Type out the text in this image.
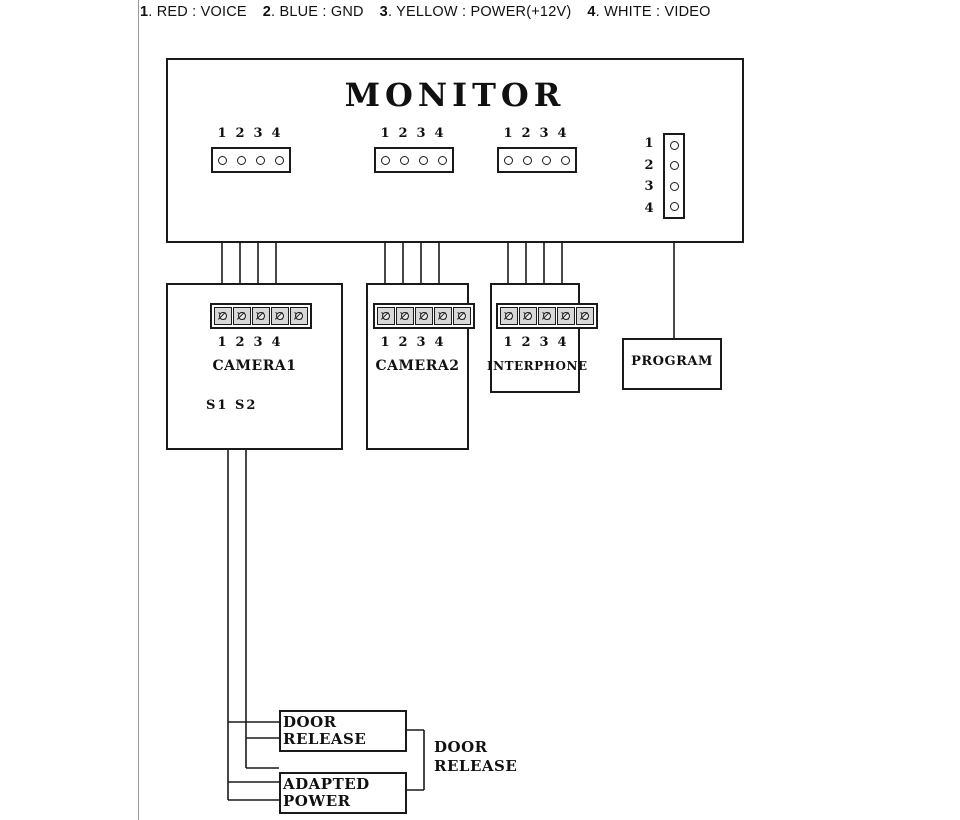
1. RED : VOICE 2. BLUE : GND 3. YELLOW : POWER(+12V) 4. WHITE : VIDEO
MONITOR
1 2 3 4	1 2 3 4	1 2 3 4
1
2
3
4
1 2 3 4
CAMERA1
S1 S2
1 2 3 4
CAMERA2
1 2 3 4
INTERPHONE	PROGRAM
DOOR
RELEASE
ADAPTED
POWER
DOOR
RELEASE
